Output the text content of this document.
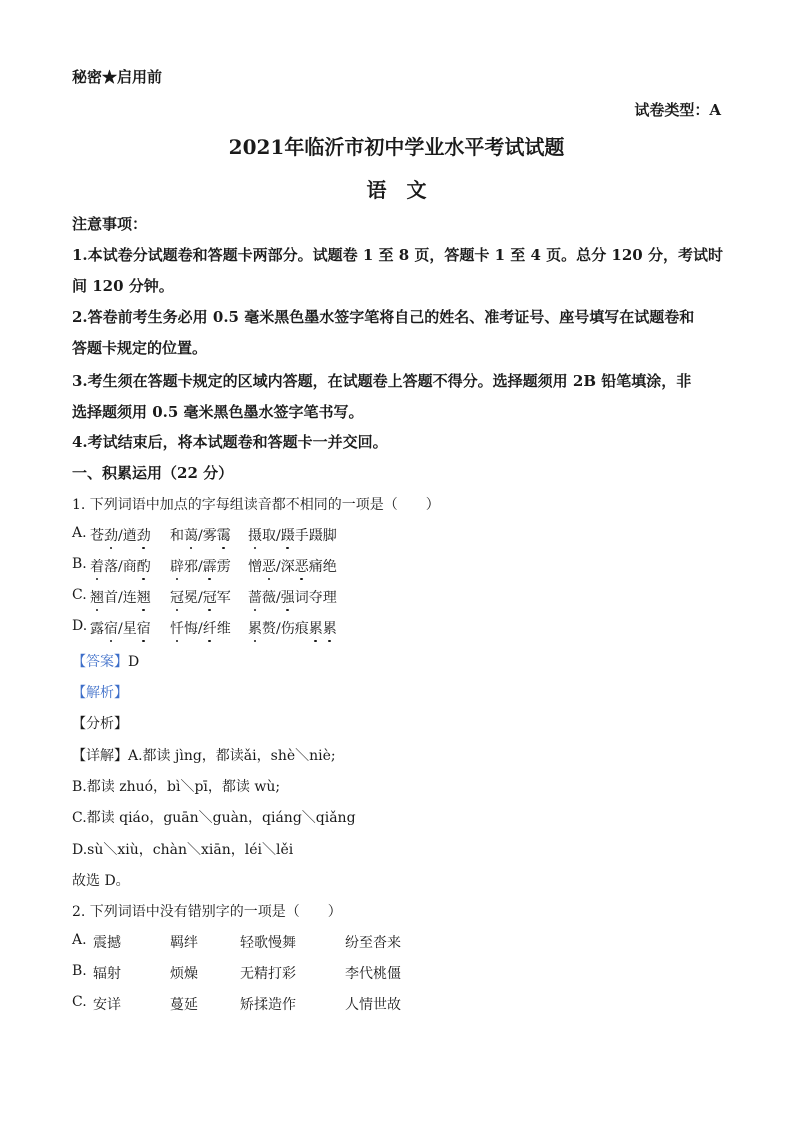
秘密★启用前
试卷类型：A
2021年临沂市初中学业水平考试试题
语　文
注意事项：
1.本试卷分试题卷和答题卡两部分。试题卷 1 至 8 页，答题卡 1 至 4 页。总分 120 分，考试时
间 120 分钟。
2.答卷前考生务必用 0.5 毫米黑色墨水签字笔将自己的姓名、准考证号、座号填写在试题卷和
答题卡规定的位置。
3.考生须在答题卡规定的区域内答题，在试题卷上答题不得分。选择题须用 2B 铅笔填涂，非
选择题须用 0.5 毫米黑色墨水签字笔书写。
4.考试结束后，将本试题卷和答题卡一并交回。
一、积累运用（22 分）
1. 下列词语中加点的字每组读音都不相同的一项是（　　）
A. 苍劲/遒劲 和蔼/雾霭 摄取/蹑手蹑脚
B. 着落/商酌 辟邪/霹雳 憎恶/深恶痛绝
C. 翘首/连翘 冠冕/冠军 蔷薇/强词夺理
D. 露宿/星宿 忏悔/纤维 累赘/伤痕累累
【答案】D
【解析】
【分析】
【详解】A.都读 jìng，都读ǎi，shè＼niè;
B.都读 zhuó，bì＼pī，都读 wù;
C.都读 qiáo，guān＼guàn，qiáng＼qiǎng
D.sù＼xiù，chàn＼xiān，léi＼lěi
故选 D。
2. 下列词语中没有错别字的一项是（　　）
A. 震撼	羁绊	轻歌慢舞	纷至沓来
B. 辐射	烦燥	无精打彩	李代桃僵
C. 安详	蔓延	矫揉造作	人情世故
